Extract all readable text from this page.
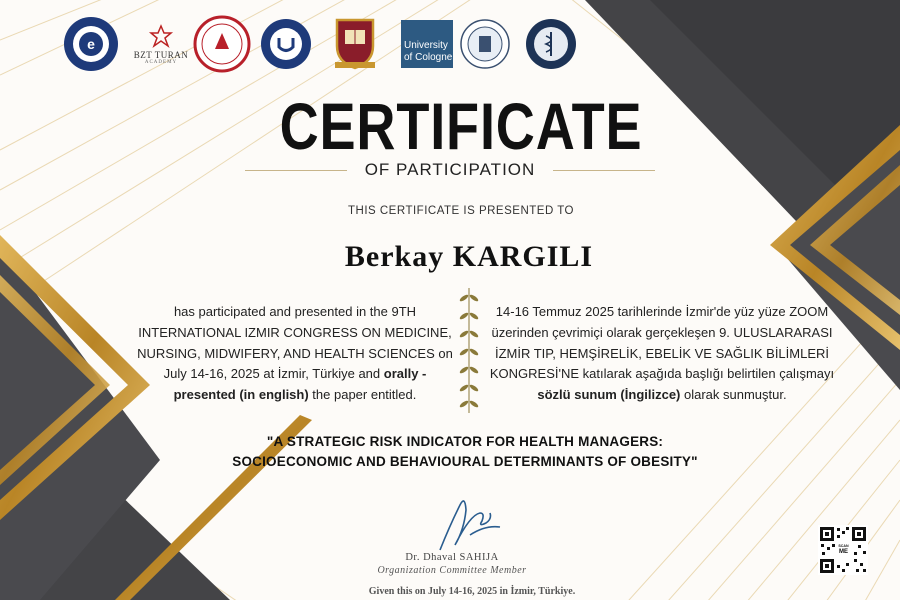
e
BZT TURAN
ACADEMY
University
of Cologne
CERTIFICATE
OF PARTICIPATION
THIS CERTIFICATE IS PRESENTED TO
Berkay KARGILI
has participated and presented in the 9TH INTERNATIONAL IZMIR CONGRESS ON MEDICINE, NURSING, MIDWIFERY, AND HEALTH SCIENCES on July 14-16, 2025 at İzmir, Türkiye and orally - presented (in english) the paper entitled.
14-16 Temmuz 2025 tarihlerinde İzmir'de yüz yüze ZOOM üzerinden çevrimiçi olarak gerçekleşen 9. ULUSLARARASI İZMİR TIP, HEMŞİRELİK, EBELİK VE SAĞLIK BİLİMLERİ KONGRESİ'NE katılarak aşağıda başlığı belirtilen çalışmayı sözlü sunum (İngilizce) olarak sunmuştur.
"A STRATEGIC RISK INDICATOR FOR HEALTH MANAGERS:
SOCIOECONOMIC AND BEHAVIOURAL DETERMINANTS OF OBESITY"
Dr. Dhaval SAHIJA
Organization Committee Member
Given this on July 14-16, 2025 in İzmir, Türkiye.
SCAN
ME
